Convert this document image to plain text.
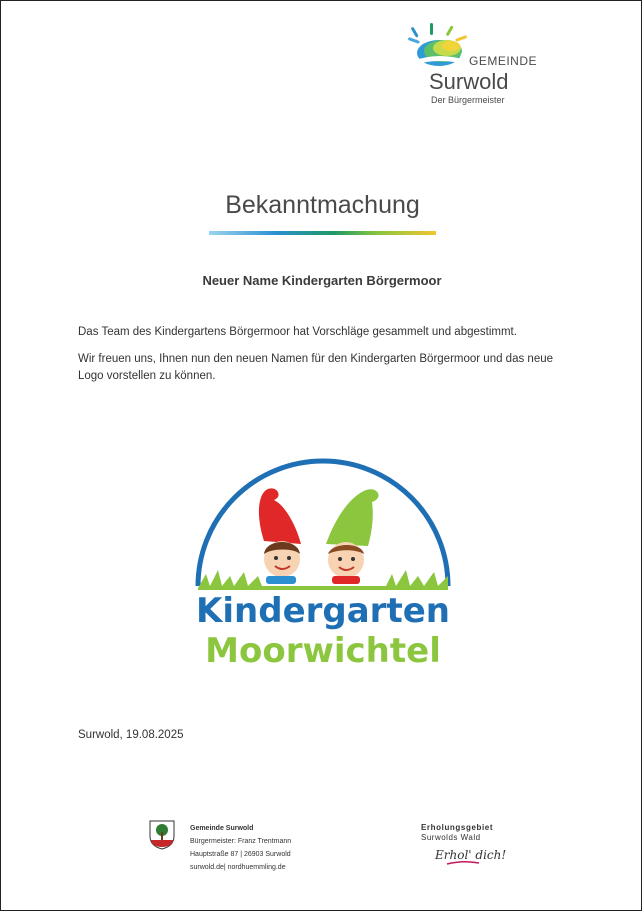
GEMEINDE
Surwold
Der Bürgermeister
Bekanntmachung
Neuer Name Kindergarten Börgermoor

Das Team des Kindergartens Börgermoor hat Vorschläge gesammelt und abgestimmt.

Wir freuen uns, Ihnen nun den neuen Namen für den Kindergarten Börgermoor und das neue Logo vorstellen zu können.

Kindergarten
Moorwichtel
Surwold, 19.08.2025
Gemeinde Surwold
Bürgermeister: Franz Trentmann
Hauptstraße 87 | 26903 Surwold
surwold.de| nordhuemmling.de
Erholungsgebiet
Surwolds Wald
Erhol' dich!
